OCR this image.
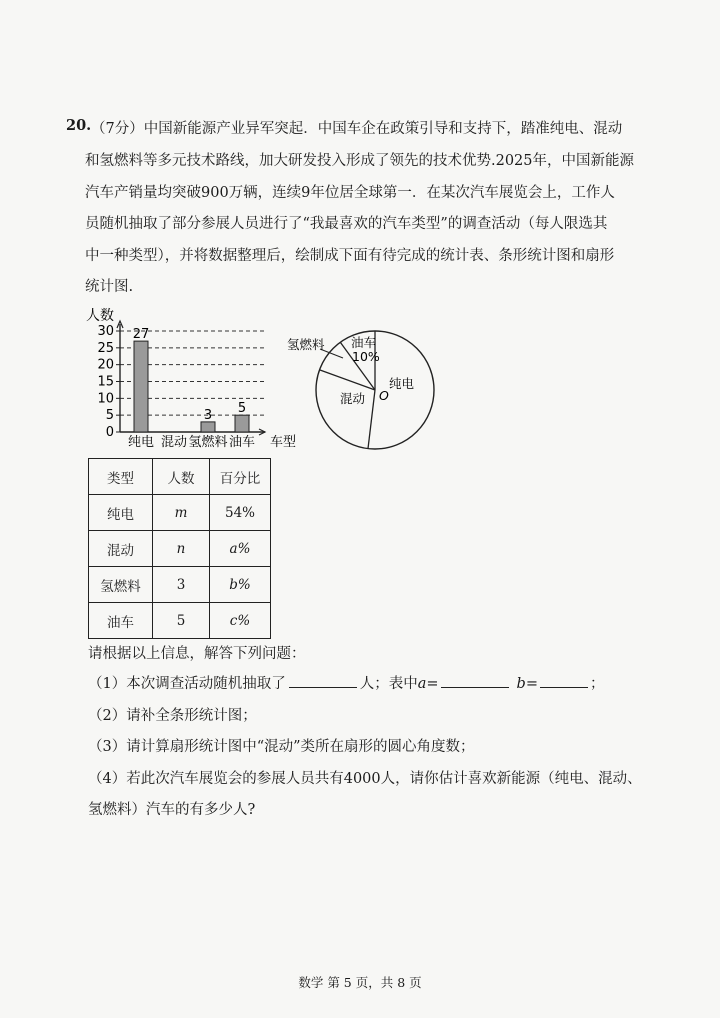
20. （7分）中国新能源产业异军突起．中国车企在政策引导和支持下，踏准纯电、混动
和氢燃料等多元技术路线，加大研发投入形成了领先的技术优势.2025年，中国新能源
汽车产销量均突破900万辆，连续9年位居全球第一．在某次汽车展览会上，工作人
员随机抽取了部分参展人员进行了“我最喜欢的汽车类型”的调查活动（每人限选其
中一种类型），并将数据整理后，绘制成下面有待完成的统计表、条形统计图和扇形
统计图.
0
5
10
15
20
25
30 27
纯电 混动
3
氢燃料
5
油车
人数
车型
氢燃料 油车
10%
混动
纯电
O
类型	人数	百分比
纯电	m	54%
混动	n	a%
氢燃料	3	b%
油车	5	c%
请根据以上信息，解答下列问题：
（1）本次调查活动随机抽取了	人；表中a=	b=	；
（2）请补全条形统计图；
（3）请计算扇形统计图中“混动”类所在扇形的圆心角度数；
（4）若此次汽车展览会的参展人员共有4000人，请你估计喜欢新能源（纯电、混动、
氢燃料）汽车的有多少人?
数学 第 5 页，共 8 页
